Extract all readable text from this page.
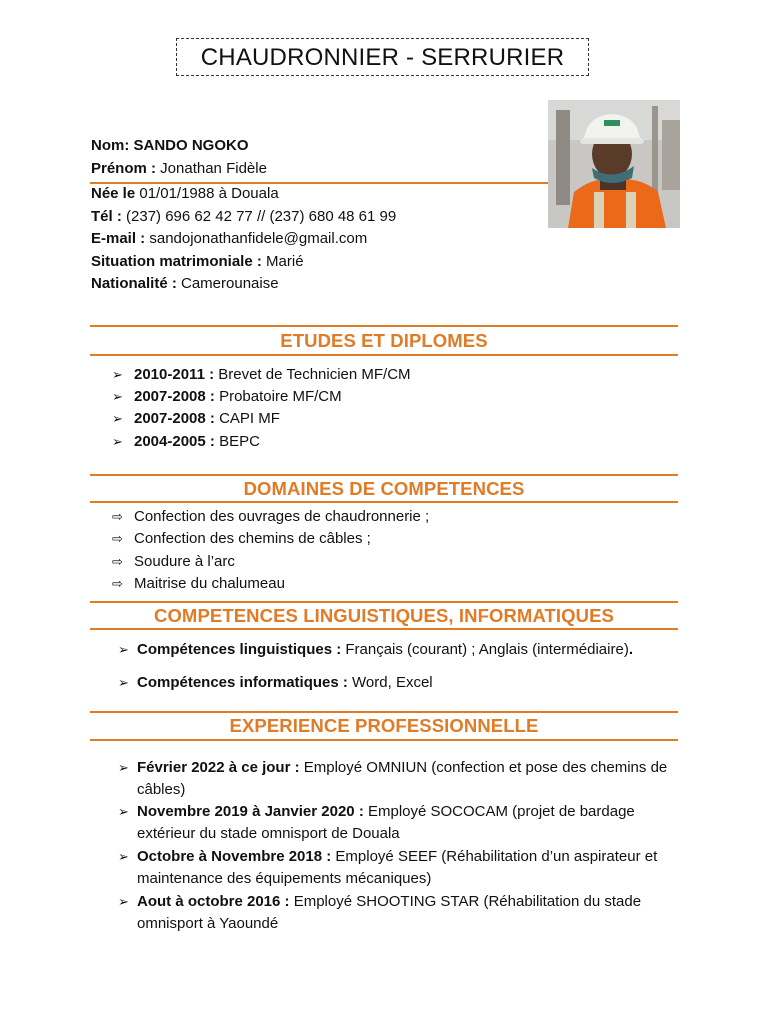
CHAUDRONNIER - SERRURIER
Nom: SANDO NGOKO
Prénom : Jonathan Fidèle
Née le 01/01/1988 à Douala
Tél : (237) 696 62 42 77 // (237) 680 48 61 99
E-mail : sandojonathanfidele@gmail.com
Situation matrimoniale : Marié
Nationalité : Camerounaise
ETUDES ET DIPLOMES
➢ 2010-2011 : Brevet de Technicien MF/CM
➢ 2007-2008 : Probatoire MF/CM
➢ 2007-2008 : CAPI MF
➢ 2004-2005 : BEPC
DOMAINES DE COMPETENCES
⇨ Confection des ouvrages de chaudronnerie ;
⇨ Confection des chemins de câbles ;
⇨ Soudure à l’arc
⇨ Maitrise du chalumeau
COMPETENCES LINGUISTIQUES, INFORMATIQUES
➢ Compétences linguistiques : Français (courant) ; Anglais (intermédiaire).
➢ Compétences informatiques : Word, Excel
EXPERIENCE PROFESSIONNELLE
➢ Février 2022 à ce jour : Employé OMNIUN (confection et pose des chemins de câbles)
➢ Novembre 2019 à Janvier 2020 : Employé SOCOCAM (projet de bardage extérieur du stade omnisport de Douala
➢ Octobre à Novembre 2018 : Employé SEEF (Réhabilitation d’un aspirateur et maintenance des équipements mécaniques)
➢ Aout à octobre 2016 : Employé SHOOTING STAR (Réhabilitation du stade omnisport à Yaoundé
